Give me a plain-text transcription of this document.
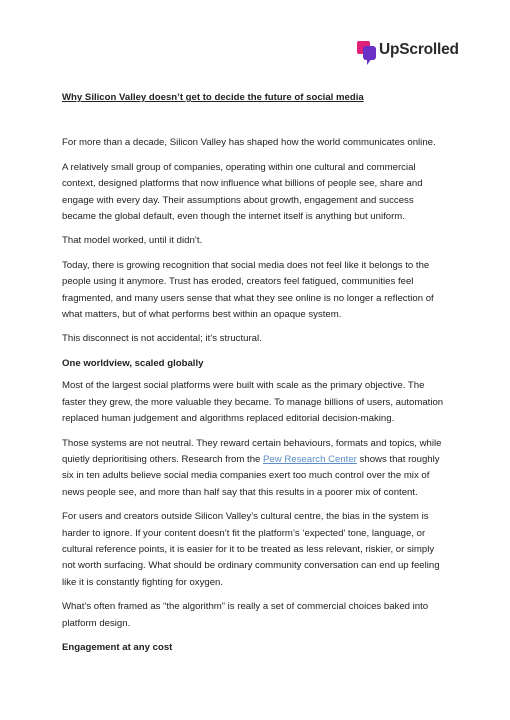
UpScrolled

Why Silicon Valley doesn’t get to decide the future of social media

For more than a decade, Silicon Valley has shaped how the world communicates online.

A relatively small group of companies, operating within one cultural and commercial context, designed platforms that now influence what billions of people see, share and engage with every day. Their assumptions about growth, engagement and success became the global default, even though the internet itself is anything but uniform.

That model worked, until it didn’t.

Today, there is growing recognition that social media does not feel like it belongs to the people using it anymore. Trust has eroded, creators feel fatigued, communities feel fragmented, and many users sense that what they see online is no longer a reflection of what matters, but of what performs best within an opaque system.

This disconnect is not accidental; it’s structural.

One worldview, scaled globally

Most of the largest social platforms were built with scale as the primary objective. The faster they grew, the more valuable they became. To manage billions of users, automation replaced human judgement and algorithms replaced editorial decision-making.

Those systems are not neutral. They reward certain behaviours, formats and topics, while quietly deprioritising others. Research from the Pew Research Center shows that roughly six in ten adults believe social media companies exert too much control over the mix of news people see, and more than half say that this results in a poorer mix of content.

For users and creators outside Silicon Valley’s cultural centre, the bias in the system is harder to ignore. If your content doesn’t fit the platform’s ‘expected’ tone, language, or cultural reference points, it is easier for it to be treated as less relevant, riskier, or simply not worth surfacing. What should be ordinary community conversation can end up feeling like it is constantly fighting for oxygen.

What’s often framed as “the algorithm” is really a set of commercial choices baked into platform design.

Engagement at any cost
